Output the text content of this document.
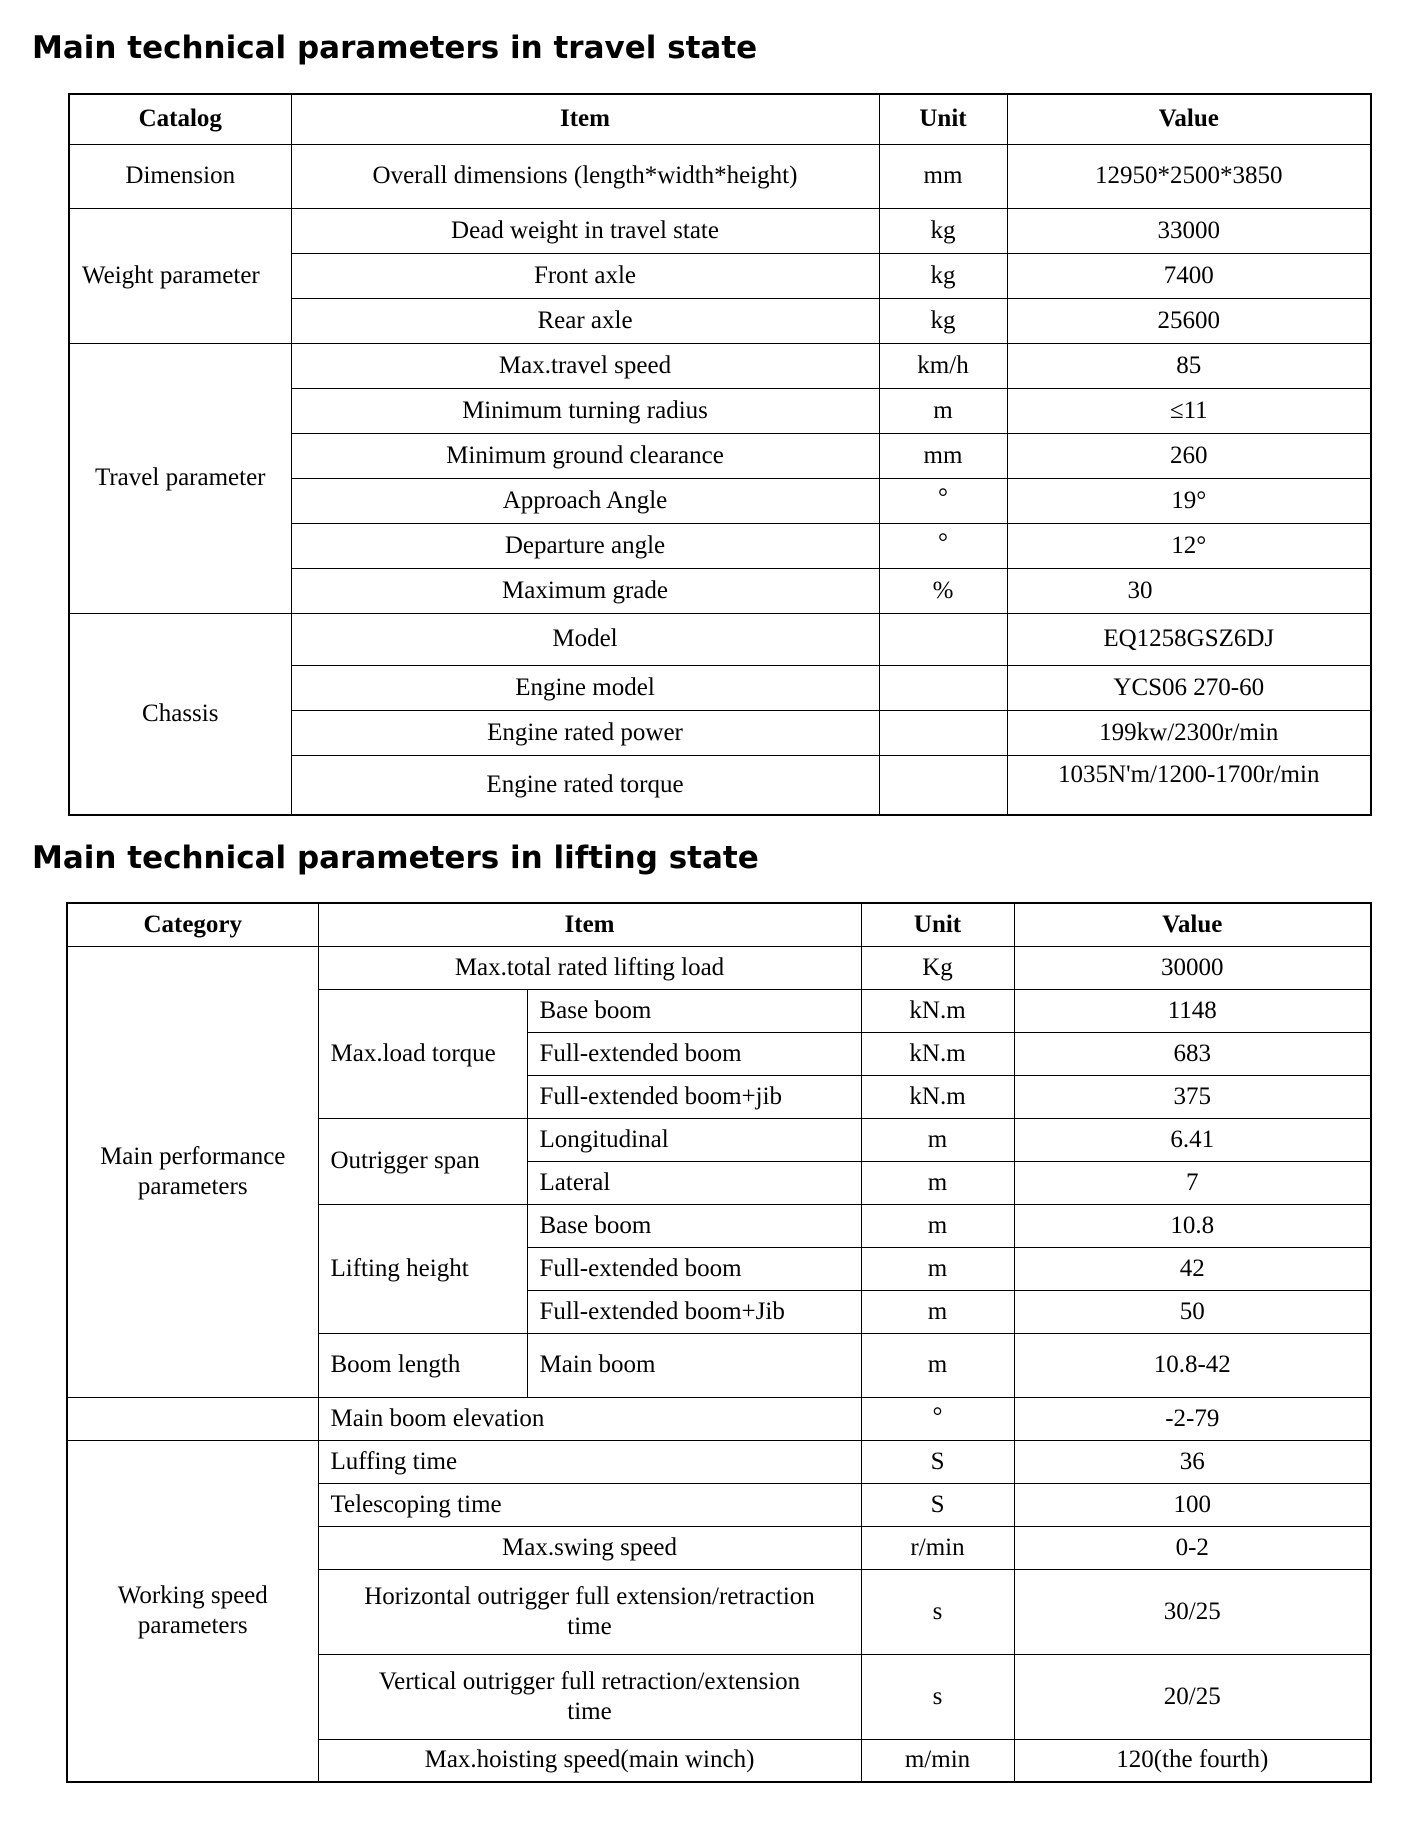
Main technical parameters in travel state
Catalog	Item	Unit	Value
Dimension	Overall dimensions (length*width*height)	mm	12950*2500*3850
Weight parameter	Dead weight in travel state	kg	33000
	Front axle	kg	7400
	Rear axle	kg	25600
Travel parameter	Max.travel speed	km/h	85
	Minimum turning radius	m	≤11
	Minimum ground clearance	mm	260
	Approach Angle	°	19°
	Departure angle	°	12°
	Maximum grade	%	30
Chassis	Model		EQ1258GSZ6DJ
	Engine model		YCS06 270-60
	Engine rated power		199kw/2300r/min
	Engine rated torque		1035N'm/1200-1700r/min
Main technical parameters in lifting state
Category	Item		Unit	Value
Main performance parameters	Max.total rated lifting load		Kg	30000
	Max.load torque	Base boom	kN.m	1148
		Full-extended boom	kN.m	683
		Full-extended boom+jib	kN.m	375
	Outrigger span	Longitudinal	m	6.41
		Lateral	m	7
	Lifting height	Base boom	m	10.8
		Full-extended boom	m	42
		Full-extended boom+Jib	m	50
	Boom length	Main boom	m	10.8-42
	Main boom elevation		°	-2-79
Working speed parameters	Luffing time		S	36
	Telescoping time		S	100
	Max.swing speed		r/min	0-2
	Horizontal outrigger full extension/retraction time		s	30/25
	Vertical outrigger full retraction/extension time		s	20/25
	Max.hoisting speed(main winch)		m/min	120(the fourth)
